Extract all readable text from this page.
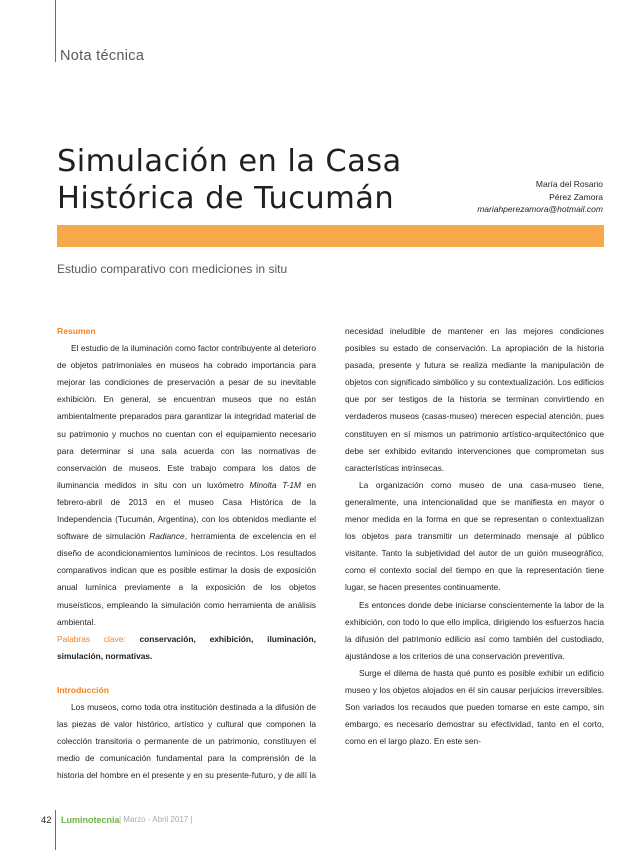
Nota técnica
Simulación en la Casa
Histórica de Tucumán	María del Rosario
Pérez Zamora
mariahperezamora@hotmail.com
Estudio comparativo con mediciones in situ

Resumen

El estudio de la iluminación como factor contribuyente al deterioro de objetos patrimoniales en museos ha cobrado importancia para mejorar las condiciones de preservación a pesar de su inevitable exhibición. En general, se encuentran museos que no están ambientalmente preparados para garantizar la integridad material de su patrimonio y muchos no cuentan con el equipamiento necesario para determinar si una sala acuerda con las normativas de conservación de museos. Este trabajo compara los datos de iluminancia medidos in situ con un luxómetro Minolta T-1M en febrero-abril de 2013 en el museo Casa Histórica de la Independencia (Tucumán, Argentina), con los obtenidos mediante el software de simulación Radiance, herramienta de excelencia en el diseño de acondicionamientos lumínicos de recintos. Los resultados comparativos indican que es posible estimar la dosis de exposición anual lumínica previamente a la exposición de los objetos museísticos, empleando la simulación como herramienta de análisis ambiental.

Palabras clave: conservación, exhibición, iluminación, simulación, normativas.

Introducción

Los museos, como toda otra institución destinada a la difusión de las piezas de valor histórico, artístico y cultural que componen la colección transitoria o permanente de un patrimonio, constituyen el medio de comunicación fundamental para la comprensión de la historia del hombre en el presente y en su presente-futuro, y de allí la

necesidad ineludible de mantener en las mejores condiciones posibles su estado de conservación. La apropiación de la historia pasada, presente y futura se realiza mediante la manipulación de objetos con significado simbólico y su contextualización. Los edificios que por ser testigos de la historia se terminan convirtiendo en verdaderos museos (casas-museo) merecen especial atención, pues constituyen en sí mismos un patrimonio artístico-arquitectónico que debe ser exhibido evitando intervenciones que comprometan sus características intrínsecas.

La organización como museo de una casa-museo tiene, generalmente, una intencionalidad que se manifiesta en mayor o menor medida en la forma en que se representan o contextualizan los objetos para transmitir un determinado mensaje al público visitante. Tanto la subjetividad del autor de un guión museográfico, como el contexto social del tiempo en que la representación tiene lugar, se hacen presentes continuamente.

Es entonces donde debe iniciarse conscientemente la labor de la exhibición, con todo lo que ello implica, dirigiendo los esfuerzos hacia la difusión del patrimonio edilicio así como también del custodiado, ajustándose a los criterios de una conservación preventiva.

Surge el dilema de hasta qué punto es posible exhibir un edificio museo y los objetos alojados en él sin causar perjuicios irreversibles. Son variados los recaudos que pueden tomarse en este campo, sin embargo, es necesario demostrar su efectividad, tanto en el corto, como en el largo plazo. En este sen-

42 Luminotecnia | Marzo - Abril 2017 |
